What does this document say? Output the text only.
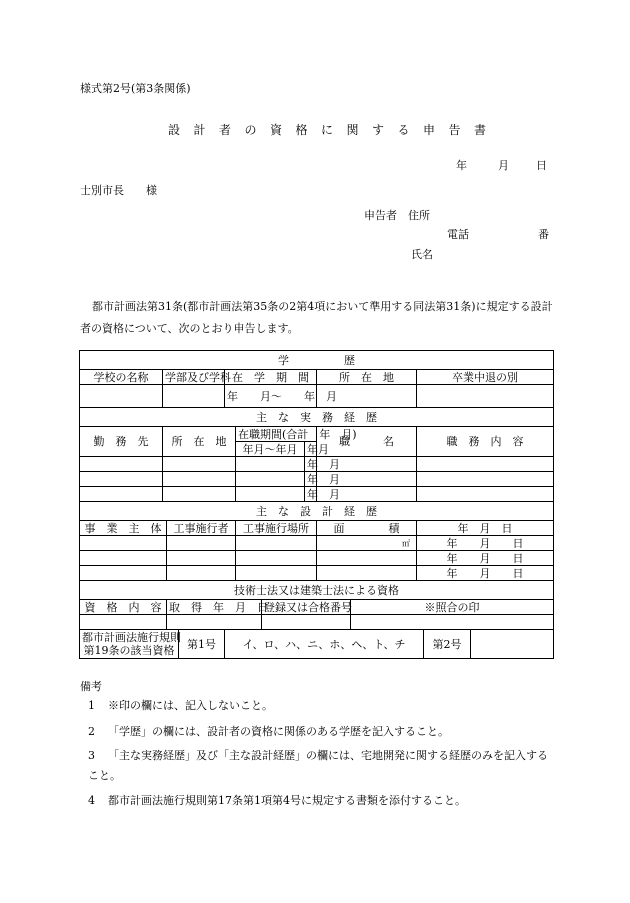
様式第2号(第3条関係)
設計者の資格に関する申告書
年	月 日
士別市長　　様
申告者　住所
電話	番
氏名
都市計画法第31条(都市計画法第35条の2第4項において準用する同法第31条)に規定する設計者の資格について、次のとおり申告します。
学　　　　　歴												
学校の名称	学部及び学科			在　学　期　間				所　在　地		卒業中退の別		
				年　　月～　　年　月								
主　な　実　務　経　歴												
勤　務　先	所　在　地				在職期間(合計　年　月)			職　　　名		職　務　内　容		
					年月～年月		年月					
							年　月					
							年　月					
							年　月					
主　な　設　計　経　歴												
事　業　主　体		工事施行者			工事施行場所			面　　　　積		年　月　日		
								㎡		年　　月　　日		
										年　　月　　日		
										年　　月　　日		
技術士法又は建築士法による資格												
資　格　内　容		取　得　年　月　日				登録又は合格番号			※照合の印			

都市計画法施行規則
第19条の該当資格			第1号	イ、ロ、ハ、ニ、ホ、ヘ、ト、チ							第2号	
備考
1 ※印の欄には、記入しないこと。
2 「学歴」の欄には、設計者の資格に関係のある学歴を記入すること。
3 「主な実務経歴」及び「主な設計経歴」の欄には、宅地開発に関する経歴のみを記入すること。
4 都市計画法施行規則第17条第1項第4号に規定する書類を添付すること。
